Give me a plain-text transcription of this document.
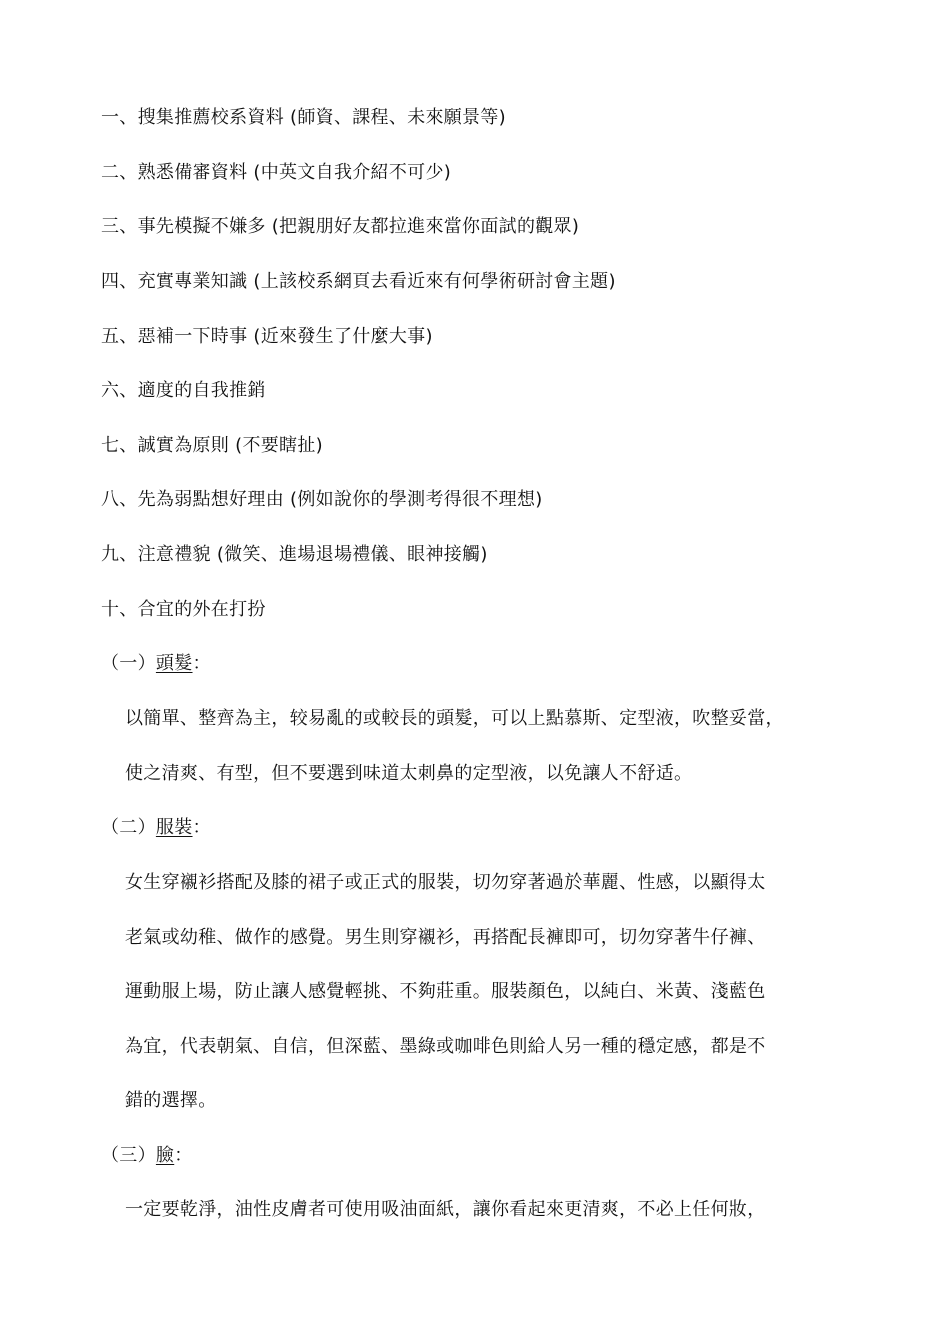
一、搜集推薦校系資料 (師資、課程、未來願景等)
二、熟悉備審資料 (中英文自我介紹不可少)
三、事先模擬不嫌多 (把親朋好友都拉進來當你面試的觀眾)
四、充實專業知識 (上該校系網頁去看近來有何學術研討會主題)
五、惡補一下時事 (近來發生了什麼大事)
六、適度的自我推銷
七、誠實為原則 (不要瞎扯)
八、先為弱點想好理由 (例如說你的學測考得很不理想)
九、注意禮貌 (微笑、進場退場禮儀、眼神接觸)
十、合宜的外在打扮
（一）頭髮：
以簡單、整齊為主，较易亂的或較長的頭髮，可以上點慕斯、定型液，吹整妥當，
使之清爽、有型，但不要選到味道太刺鼻的定型液，以免讓人不舒适。
（二）服裝：
女生穿襯衫搭配及膝的裙子或正式的服裝，切勿穿著過於華麗、性感，以顯得太
老氣或幼稚、做作的感覺。男生則穿襯衫，再搭配長褲即可，切勿穿著牛仔褲、
運動服上場，防止讓人感覺輕挑、不夠莊重。服裝顏色，以純白、米黃、淺藍色
為宜，代表朝氣、自信，但深藍、墨綠或咖啡色則給人另一種的穩定感，都是不
錯的選擇。
（三）臉：
一定要乾淨，油性皮膚者可使用吸油面紙，讓你看起來更清爽，不必上任何妝，
